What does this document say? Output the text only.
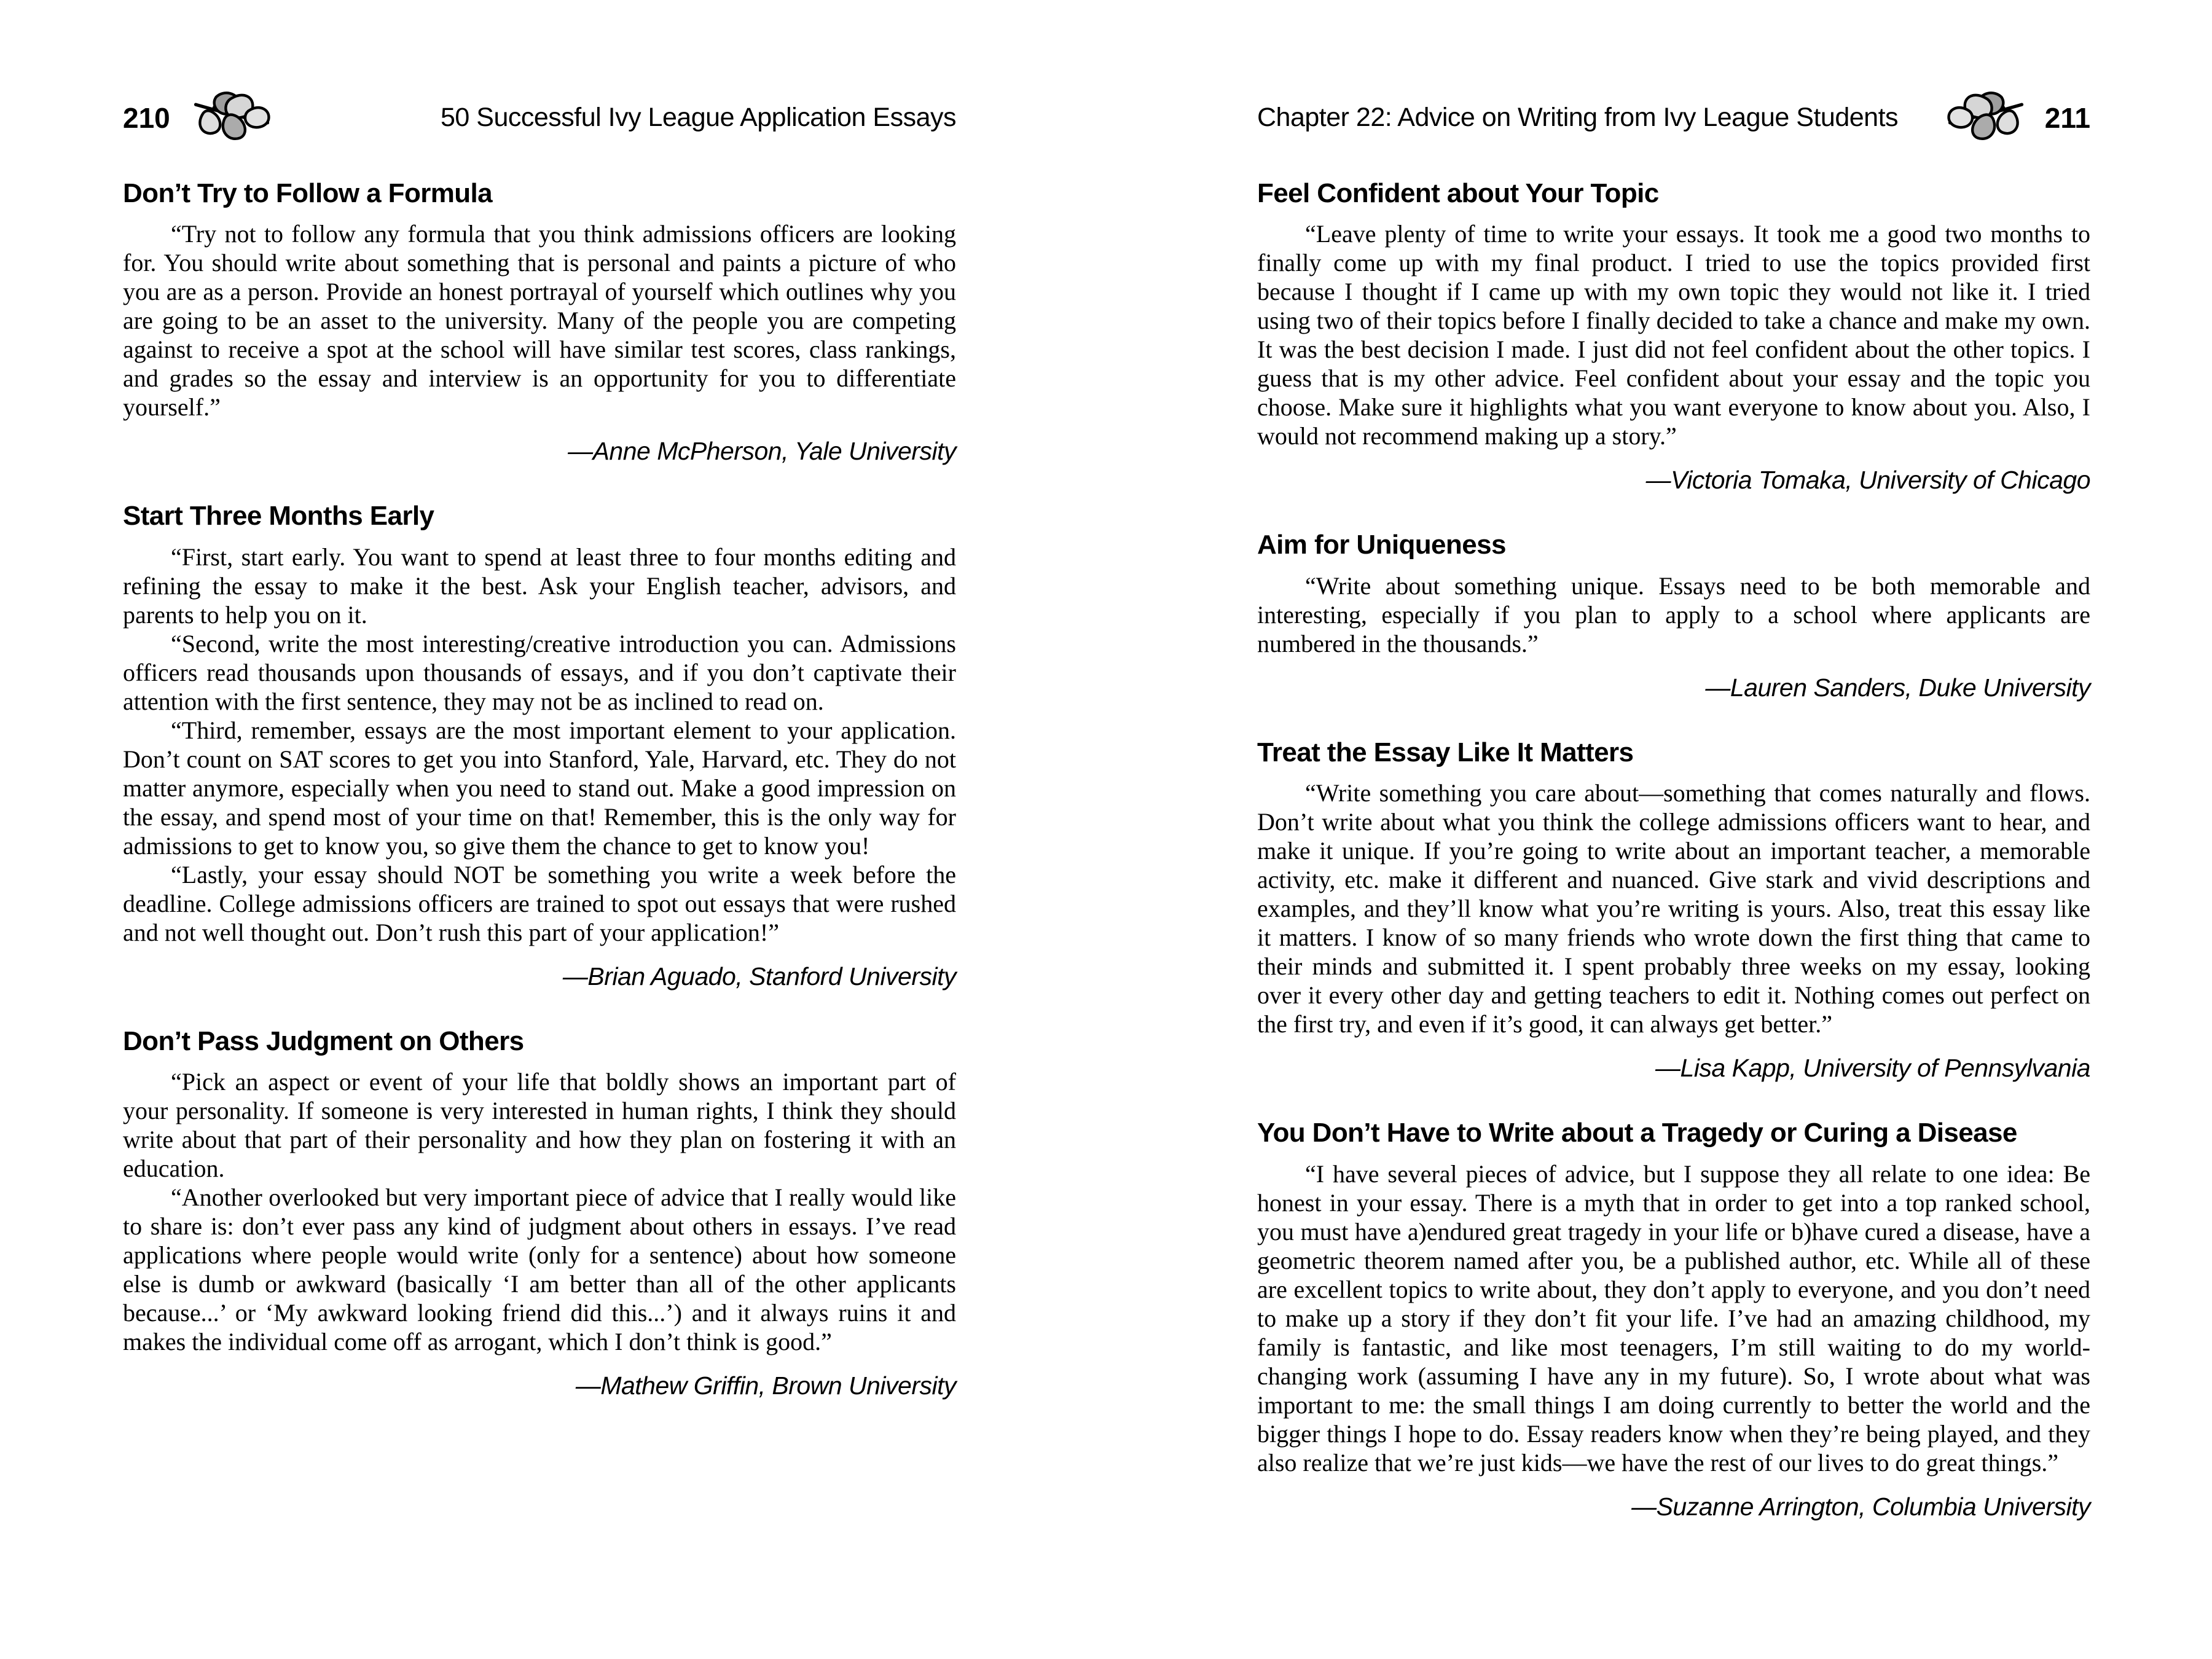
210	50 Successful Ivy League Application Essays
Don’t Try to Follow a Formula

“Try not to follow any formula that you think admissions officers are looking for. You should write about something that is personal and paints a picture of who you are as a person. Provide an honest portrayal of yourself which outlines why you are going to be an asset to the university. Many of the people you are competing against to receive a spot at the school will have similar test scores, class rankings, and grades so the essay and interview is an opportunity for you to differentiate yourself.”

—Anne McPherson, Yale University

Start Three Months Early

“First, start early. You want to spend at least three to four months editing and refining the essay to make it the best. Ask your English teacher, advisors, and parents to help you on it.

“Second, write the most interesting/creative introduction you can. Admissions officers read thousands upon thousands of essays, and if you don’t captivate their attention with the first sentence, they may not be as inclined to read on.

“Third, remember, essays are the most important element to your application. Don’t count on SAT scores to get you into Stanford, Yale, Harvard, etc. They do not matter anymore, especially when you need to stand out. Make a good impression on the essay, and spend most of your time on that! Remember, this is the only way for admissions to get to know you, so give them the chance to get to know you!

“Lastly, your essay should NOT be something you write a week before the deadline. College admissions officers are trained to spot out essays that were rushed and not well thought out. Don’t rush this part of your application!”

—Brian Aguado, Stanford University

Don’t Pass Judgment on Others

“Pick an aspect or event of your life that boldly shows an important part of your personality. If someone is very interested in human rights, I think they should write about that part of their personality and how they plan on fostering it with an education.

“Another overlooked but very important piece of advice that I really would like to share is: don’t ever pass any kind of judgment about others in essays. I’ve read applications where people would write (only for a sentence) about how someone else is dumb or awkward (basically ‘I am better than all of the other applicants because...’ or ‘My awkward looking friend did this...’) and it always ruins it and makes the individual come off as arrogant, which I don’t think is good.”

—Mathew Griffin, Brown University

Chapter 22: Advice on Writing from Ivy League Students	211
Feel Confident about Your Topic

“Leave plenty of time to write your essays. It took me a good two months to finally come up with my final product. I tried to use the topics provided first because I thought if I came up with my own topic they would not like it. I tried using two of their topics before I finally decided to take a chance and make my own. It was the best decision I made. I just did not feel confident about the other topics. I guess that is my other advice. Feel confident about your essay and the topic you choose. Make sure it highlights what you want everyone to know about you. Also, I would not recommend making up a story.”

—Victoria Tomaka, University of Chicago

Aim for Uniqueness

“Write about something unique. Essays need to be both memorable and interesting, especially if you plan to apply to a school where applicants are numbered in the thousands.”

—Lauren Sanders, Duke University

Treat the Essay Like It Matters

“Write something you care about—something that comes naturally and flows. Don’t write about what you think the college admissions officers want to hear, and make it unique. If you’re going to write about an important teacher, a memorable activity, etc. make it different and nuanced. Give stark and vivid descriptions and examples, and they’ll know what you’re writing is yours. Also, treat this essay like it matters. I know of so many friends who wrote down the first thing that came to their minds and submitted it. I spent probably three weeks on my essay, looking over it every other day and getting teachers to edit it. Nothing comes out perfect on the first try, and even if it’s good, it can always get better.”

—Lisa Kapp, University of Pennsylvania

You Don’t Have to Write about a Tragedy or Curing a Disease

“I have several pieces of advice, but I suppose they all relate to one idea: Be honest in your essay. There is a myth that in order to get into a top ranked school, you must have a)endured great tragedy in your life or b)have cured a disease, have a geometric theorem named after you, be a published author, etc. While all of these are excellent topics to write about, they don’t apply to everyone, and you don’t need to make up a story if they don’t fit your life. I’ve had an amazing childhood, my family is fantastic, and like most teenagers, I’m still waiting to do my world-changing work (assuming I have any in my future). So, I wrote about what was important to me: the small things I am doing currently to better the world and the bigger things I hope to do. Essay readers know when they’re being played, and they also realize that we’re just kids—we have the rest of our lives to do great things.”

—Suzanne Arrington, Columbia University
